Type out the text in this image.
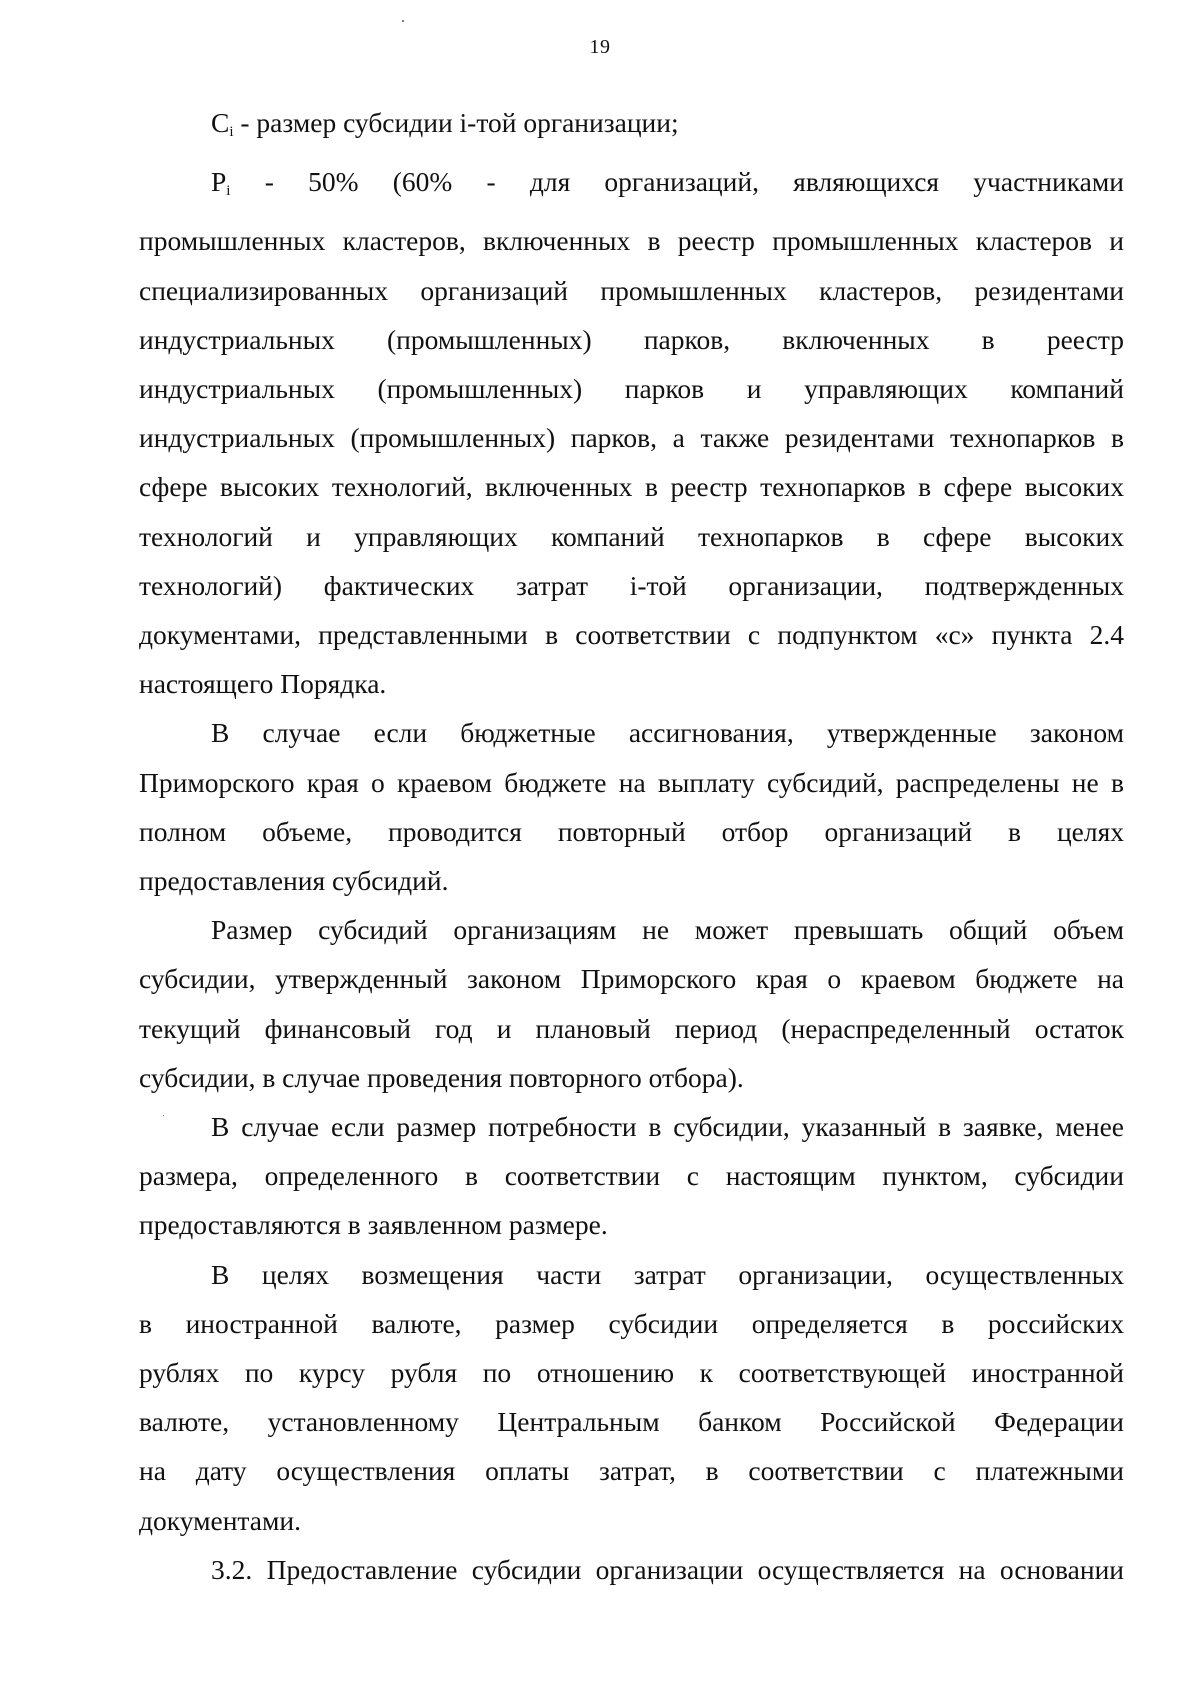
19
$C_i$ - размер субсидии i-той организации;
$P_i - 50\%$ (60% - для организаций, являющихся участниками
промышленных кластеров, включенных в реестр промышленных кластеров и
специализированных организаций промышленных кластеров, резидентами
индустриальных (промышленных) парков, включенных в реестр
индустриальных (промышленных) парков и управляющих компаний
индустриальных (промышленных) парков, а также резидентами технопарков в
сфере высоких технологий, включенных в реестр технопарков в сфере высоких
технологий и управляющих компаний технопарков в сфере высоких
технологий) фактических затрат i-той организации, подтвержденных
документами, представленными в соответствии с подпунктом «с» пункта 2.4
настоящего Порядка.
В случае если бюджетные ассигнования, утвержденные законом
Приморского края о краевом бюджете на выплату субсидий, распределены не в
полном объеме, проводится повторный отбор организаций в целях
предоставления субсидий.
Размер субсидий организациям не может превышать общий объем
субсидии, утвержденный законом Приморского края о краевом бюджете на
текущий финансовый год и плановый период (нераспределенный остаток
субсидии, в случае проведения повторного отбора).
В случае если размер потребности в субсидии, указанный в заявке, менее
размера, определенного в соответствии с настоящим пунктом, субсидии
предоставляются в заявленном размере.
В целях возмещения части затрат организации, осуществленных
в иностранной валюте, размер субсидии определяется в российских
рублях по курсу рубля по отношению к соответствующей иностранной
валюте, установленному Центральным банком Российской Федерации
на дату осуществления оплаты затрат, в соответствии с платежными
документами.
3.2. Предоставление субсидии организации осуществляется на основании
